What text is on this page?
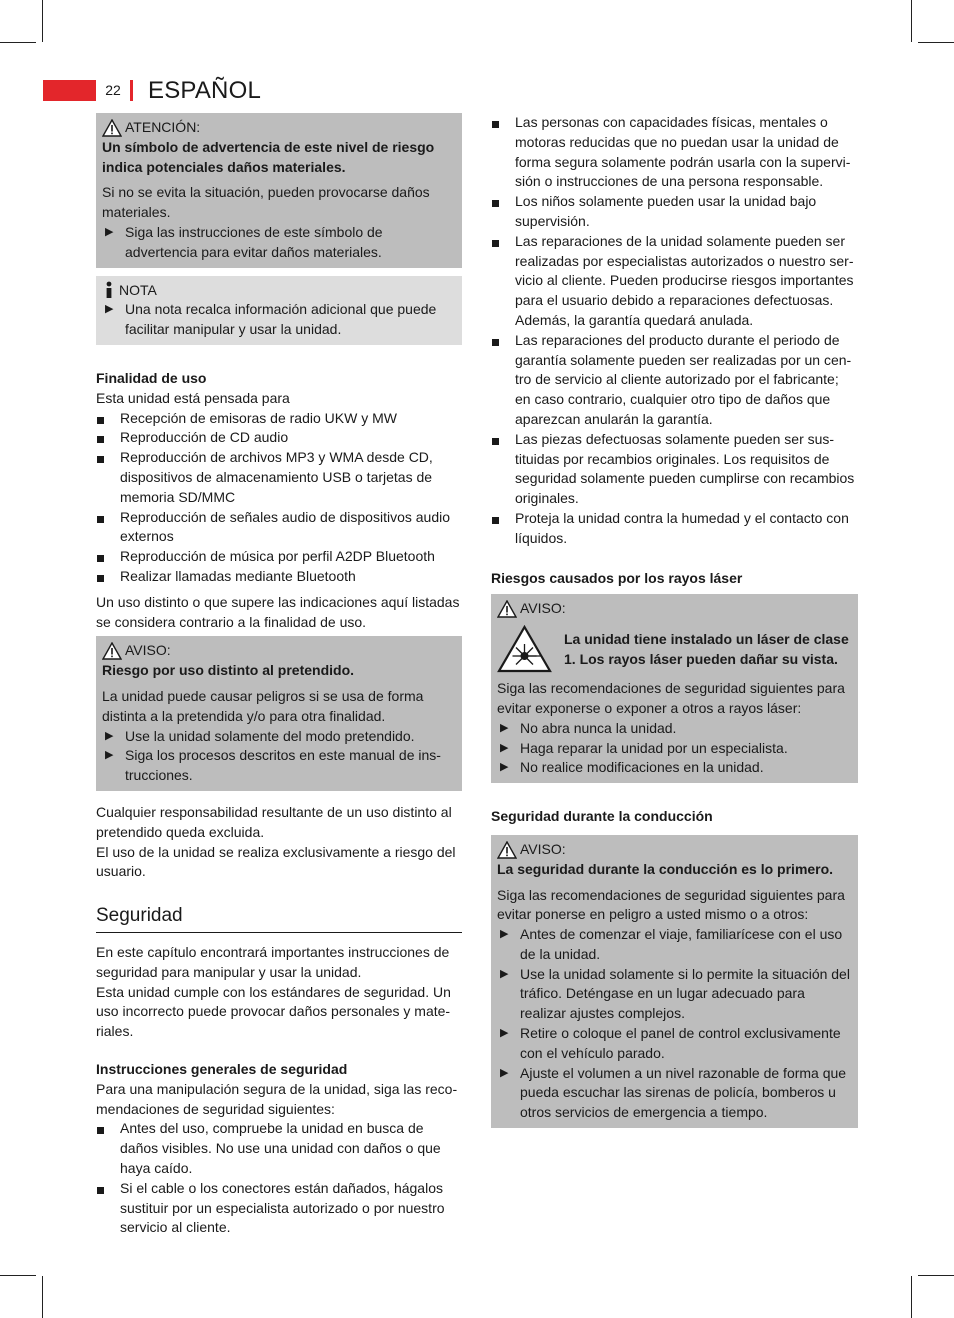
22	ESPAÑOL
ATENCIÓN:

Un símbolo de advertencia de este nivel de riesgo indica potenciales daños materiales.

Si no se evita la situación, pueden provocarse daños materiales.

▶ Siga las instrucciones de este símbolo de advertencia para evitar daños materiales.
NOTA
▶ Una nota recalca información adicional que puede facilitar manipular y usar la unidad.

Finalidad de uso

Esta unidad está pensada para

Recepción de emisoras de radio UKW y MW
Reproducción de CD audio
Reproducción de archivos MP3 y WMA desde CD, dispositivos de almacenamiento USB o tarjetas de memoria SD/MMC
Reproducción de señales audio de dispositivos audio externos
Reproducción de música por perfil A2DP Bluetooth
Realizar llamadas mediante Bluetooth

Un uso distinto o que supere las indicaciones aquí listadas se considera contrario a la finalidad de uso.

AVISO:

Riesgo por uso distinto al pretendido.

La unidad puede causar peligros si se usa de forma distinta a la pretendida y/o para otra finalidad.

▶ Use la unidad solamente del modo pretendido.
▶ Siga los procesos descritos en este manual de ins-trucciones.

Cualquier responsabilidad resultante de un uso distinto al pretendido queda excluida.

El uso de la unidad se realiza exclusivamente a riesgo del usuario.

Seguridad

En este capítulo encontrará importantes instrucciones de seguridad para manipular y usar la unidad.

Esta unidad cumple con los estándares de seguridad. Un uso incorrecto puede provocar daños personales y mate-riales.

Instrucciones generales de seguridad

Para una manipulación segura de la unidad, siga las reco-mendaciones de seguridad siguientes:

Antes del uso, compruebe la unidad en busca de daños visibles. No use una unidad con daños o que haya caído.
Si el cable o los conectores están dañados, hágalos sustituir por un especialista autorizado o por nuestro servicio al cliente.
Las personas con capacidades físicas, mentales o motoras reducidas que no puedan usar la unidad de forma segura solamente podrán usarla con la supervi-sión o instrucciones de una persona responsable.
Los niños solamente pueden usar la unidad bajo supervisión.
Las reparaciones de la unidad solamente pueden ser realizadas por especialistas autorizados o nuestro ser-vicio al cliente. Pueden producirse riesgos importantes para el usuario debido a reparaciones defectuosas. Además, la garantía quedará anulada.
Las reparaciones del producto durante el periodo de garantía solamente pueden ser realizadas por un cen-tro de servicio al cliente autorizado por el fabricante; en caso contrario, cualquier otro tipo de daños que aparezcan anularán la garantía.
Las piezas defectuosas solamente pueden ser sus-tituidas por recambios originales. Los requisitos de seguridad solamente pueden cumplirse con recambios originales.
Proteja la unidad contra la humedad y el contacto con líquidos.

Riesgos causados por los rayos láser

AVISO:

La unidad tiene instalado un láser de clase 1. Los rayos láser pueden dañar su vista.

Siga las recomendaciones de seguridad siguientes para evitar exponerse o exponer a otros a rayos láser:

▶ No abra nunca la unidad.
▶ Haga reparar la unidad por un especialista.
▶ No realice modificaciones en la unidad.

Seguridad durante la conducción

AVISO:

La seguridad durante la conducción es lo primero.

Siga las recomendaciones de seguridad siguientes para evitar ponerse en peligro a usted mismo o a otros:

▶ Antes de comenzar el viaje, familiarícese con el uso de la unidad.
▶ Use la unidad solamente si lo permite la situación del tráfico. Deténgase en un lugar adecuado para realizar ajustes complejos.
▶ Retire o coloque el panel de control exclusivamente con el vehículo parado.
▶ Ajuste el volumen a un nivel razonable de forma que pueda escuchar las sirenas de policía, bomberos u otros servicios de emergencia a tiempo.
